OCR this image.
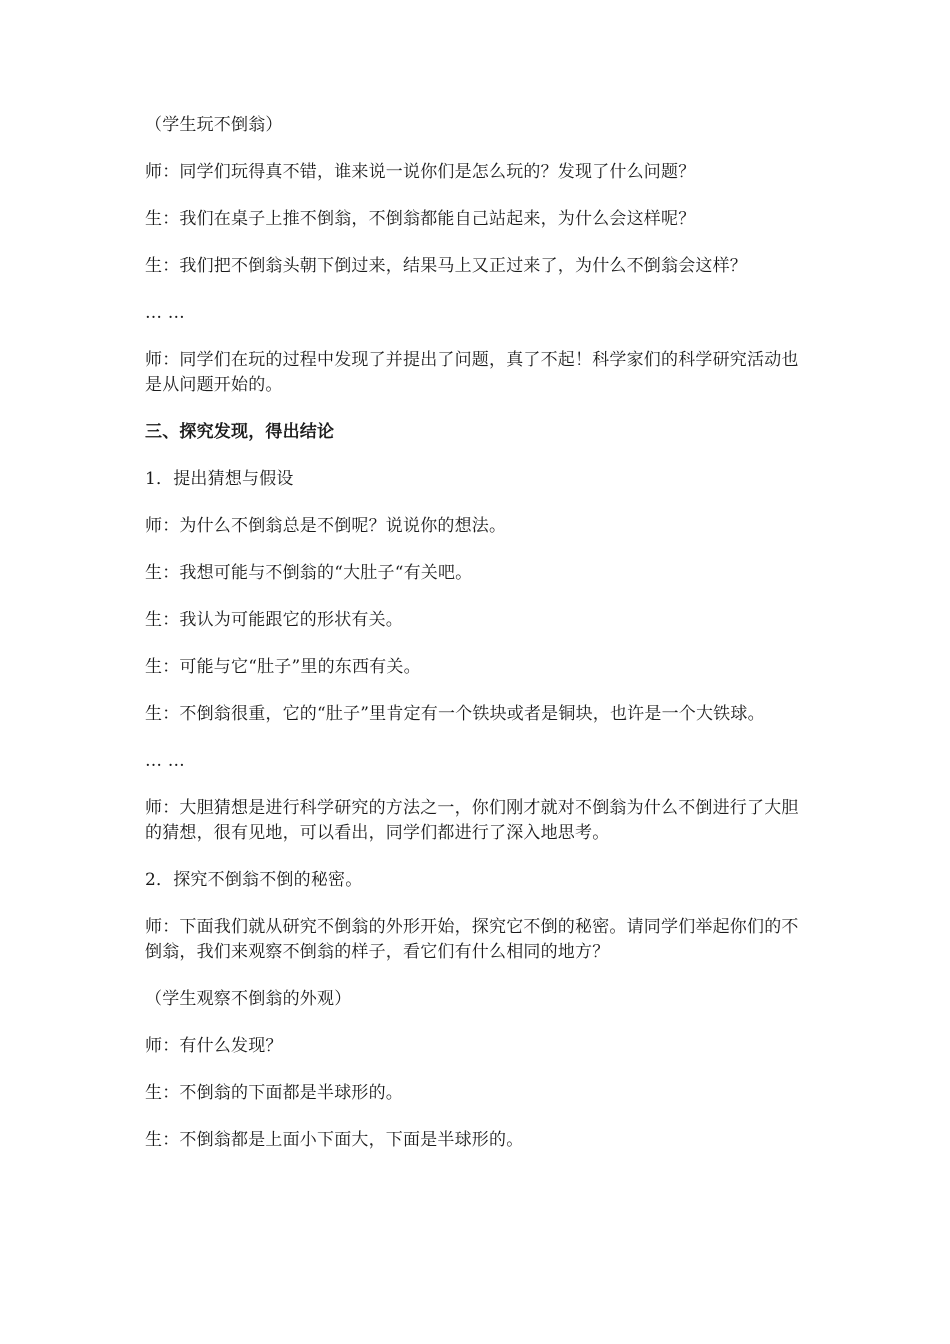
（学生玩不倒翁）

师：同学们玩得真不错，谁来说一说你们是怎么玩的？发现了什么问题？

生：我们在桌子上推不倒翁，不倒翁都能自己站起来，为什么会这样呢？

生：我们把不倒翁头朝下倒过来，结果马上又正过来了，为什么不倒翁会这样？

… …

师：同学们在玩的过程中发现了并提出了问题，真了不起！科学家们的科学研究活动也是从问题开始的。

三、探究发现，得出结论

1．提出猜想与假设

师：为什么不倒翁总是不倒呢？说说你的想法。

生：我想可能与不倒翁的“大肚子“有关吧。

生：我认为可能跟它的形状有关。

生：可能与它“肚子”里的东西有关。

生：不倒翁很重，它的“肚子”里肯定有一个铁块或者是铜块，也许是一个大铁球。

… …

师：大胆猜想是进行科学研究的方法之一，你们刚才就对不倒翁为什么不倒进行了大胆的猜想，很有见地，可以看出，同学们都进行了深入地思考。

2．探究不倒翁不倒的秘密。

师：下面我们就从研究不倒翁的外形开始，探究它不倒的秘密。请同学们举起你们的不倒翁，我们来观察不倒翁的样子，看它们有什么相同的地方？

（学生观察不倒翁的外观）

师：有什么发现？

生：不倒翁的下面都是半球形的。

生：不倒翁都是上面小下面大，下面是半球形的。
